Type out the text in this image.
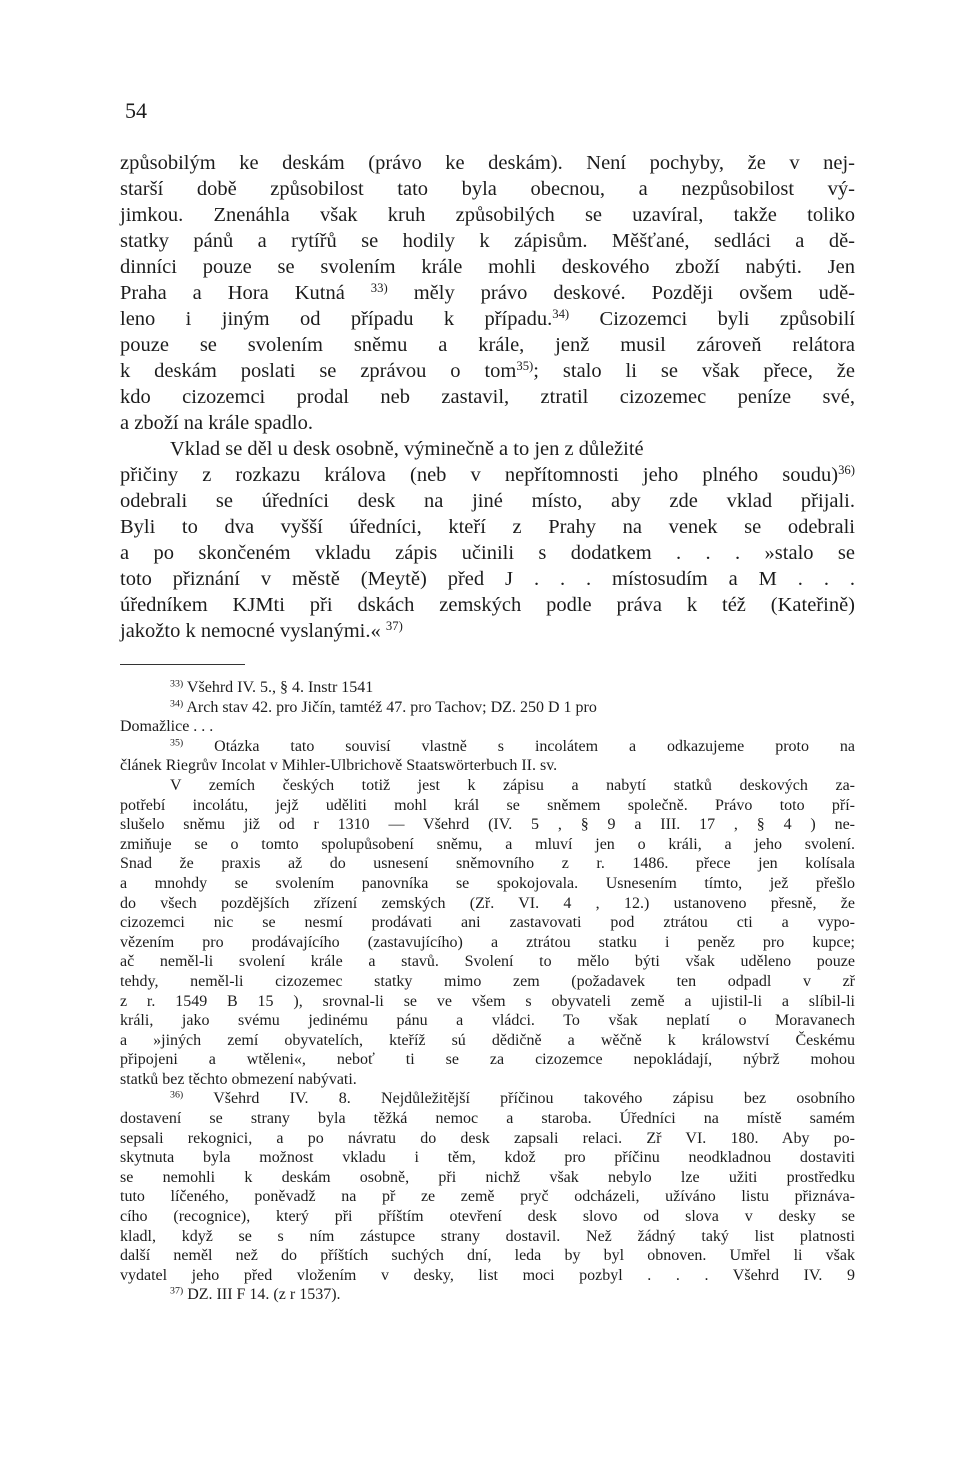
54
způsobilým ke deskám (právo ke deskám). Není pochyby, že v nej-
starší době způsobilost tato byla obecnou, a nezpůsobilost vý-
jimkou. Znenáhla však kruh způsobilých se uzavíral, takže toliko
statky pánů a rytířů se hodily k zápisům. Měšťané, sedláci a dě-
dinníci pouze se svolením krále mohli deskového zboží nabýti. Jen
Praha a Hora Kutná $^{33)}$ měly právo deskové. Později ovšem udě-
leno i jiným od případu k případu.$^{34)}$ Cizozemci byli způsobilí
pouze se svolením sněmu a krále, jenž musil zároveň relátora
k deskám poslati se zprávou o tom$^{35)}$; stalo li se však přece, že
kdo cizozemci prodal neb zastavil, ztratil cizozemec peníze své,
a zboží na krále spadlo.
Vklad se děl u desk osobně, výminečně a to jen z důležité
přičiny z rozkazu králova (neb v nepřítomnosti jeho plného soudu)$^{36)}$
odebrali se úředníci desk na jiné místo, aby zde vklad přijali.
Byli to dva vyšší úředníci, kteří z Prahy na venek se odebrali
a po skončeném vkladu zápis učinili s dodatkem . . . »stalo se
toto přiznání v městě (Meytě) před J . . . místosudím a M . . .
úředníkem KJMti při dskách zemských podle práva k též (Kateřině)
jakožto k nemocné vyslanými.« $^{37)}$
$^{33)}$ Všehrd IV. 5., § 4. Instr 1541
$^{34)}$ Arch stav 42. pro Jičín, tamtéž 47. pro Tachov; DZ. 250 D 1 pro
Domažlice . . .
$^{35)}$ Otázka tato souvisí vlastně s incolátem a odkazujeme proto na
článek Riegrův Incolat v Mihler-Ulbrichově Staatswörterbuch II. sv.
V zemích českých totiž jest k zápisu a nabytí statků deskových za-
potřebí incolátu, jejž uděliti mohl král se sněmem společně. Právo toto pří-
slušelo sněmu již od r 1310 — Všehrd (IV. 5 , § 9 a III. 17 , § 4 ) ne-
zmiňuje se o tomto spolupůsobení sněmu, a mluví jen o králi, a jeho svolení.
Snad že praxis až do usnesení sněmovního z r. 1486. přece jen kolísala
a mnohdy se svolením panovníka se spokojovala. Usnesením tímto, jež přešlo
do všech pozdějších zřízení zemských (Zř. VI. 4 , 12.) ustanoveno přesně, že
cizozemci nic se nesmí prodávati ani zastavovati pod ztrátou cti a vypo-
vězením pro prodávajícího (zastavujícího) a ztrátou statku i peněz pro kupce;
ač neměl-li svolení krále a stavů. Svolení to mělo býti však uděleno pouze
tehdy, neměl-li cizozemec statky mimo zem (požadavek ten odpadl v zř
z r. 1549 B 15 ), srovnal-li se ve všem s obyvateli země a ujistil-li a slíbil-li
králi, jako svému jedinému pánu a vládci. To však neplatí o Moravanech
a »jiných zemí obyvatelích, kteříž sú dědičně a wěčně k králowství Českému
připojeni a wtěleni«, neboť ti se za cizozemce nepokládají, nýbrž mohou
statků bez těchto obmezení nabývati.
$^{36)}$ Všehrd IV. 8. Nejdůležitější příčinou takového zápisu bez osobního
dostavení se strany byla těžká nemoc a staroba. Úředníci na místě samém
sepsali rekognici, a po návratu do desk zapsali relaci. Zř VI. 180. Aby po-
skytnuta byla možnost vkladu i těm, kdož pro příčinu neodkladnou dostaviti
se nemohli k deskám osobně, při nichž však nebylo lze užiti prostředku
tuto líčeného, poněvadž na př ze země pryč odcházeli, užíváno listu přiznáva-
cího (recognice), který při příštím otevření desk slovo od slova v desky se
kladl, když se s ním zástupce strany dostavil. Než žádný taký list platnosti
další neměl než do příštích suchých dní, leda by byl obnoven. Umřel li však
vydatel jeho před vložením v desky, list moci pozbyl . . . Všehrd IV. 9
$^{37)}$ DZ. III F 14. (z r 1537).
